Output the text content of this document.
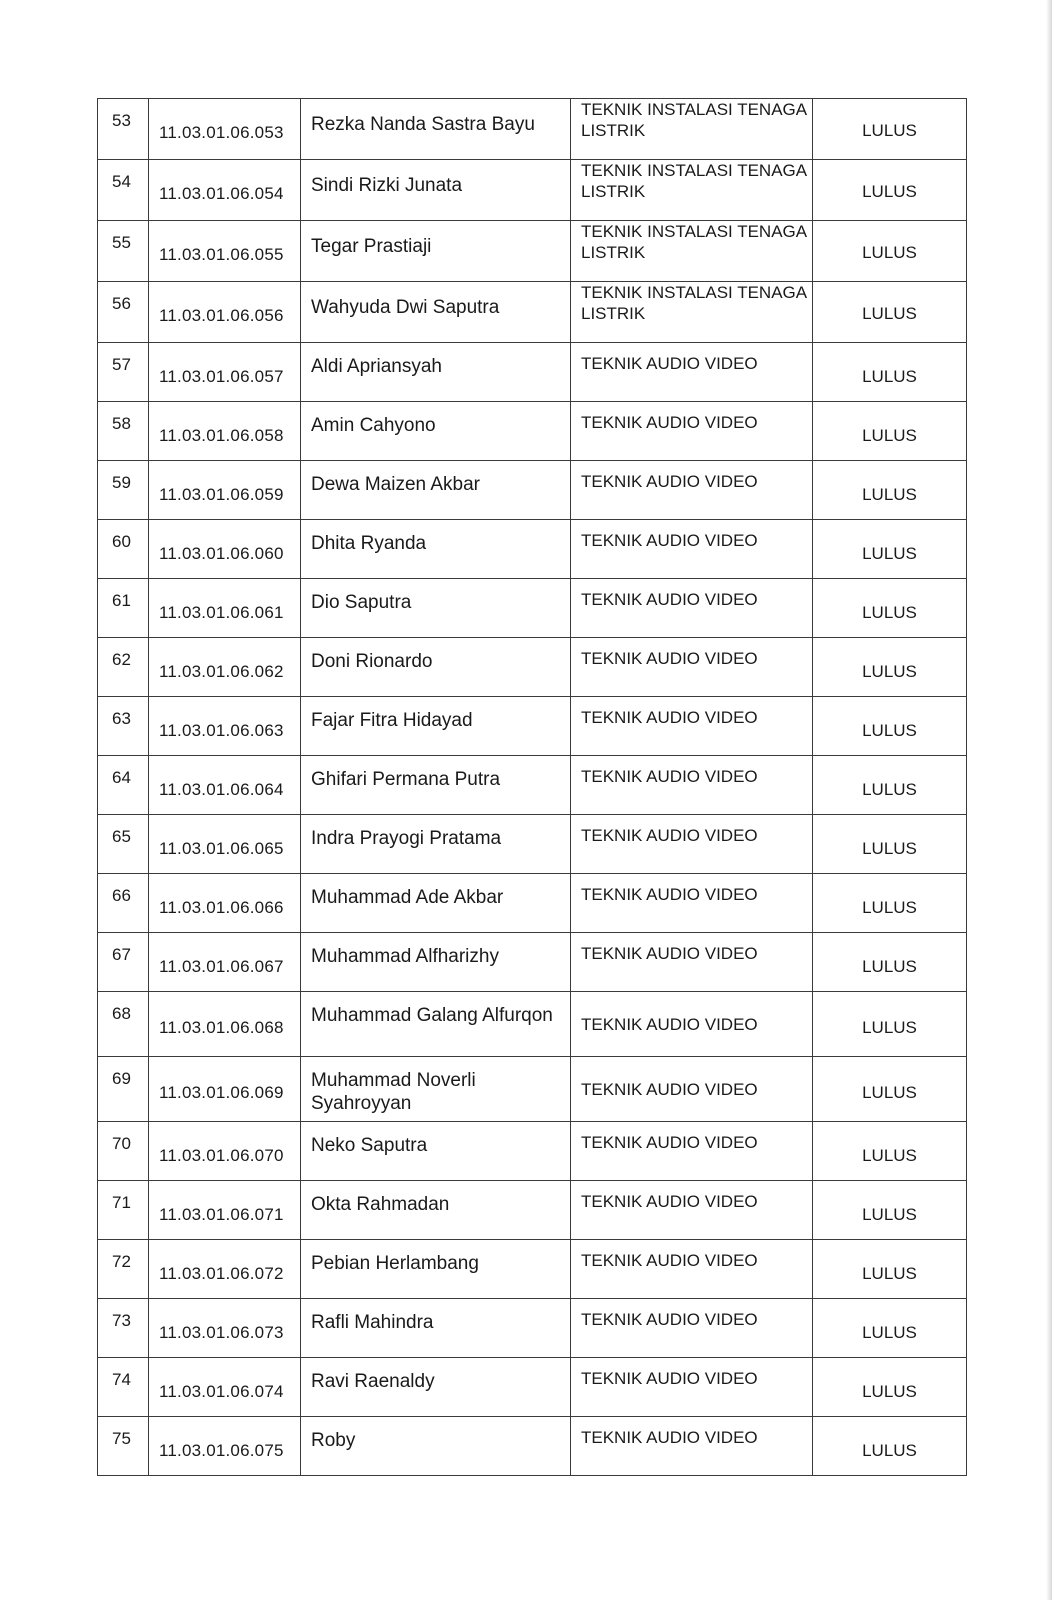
53	11.03.01.06.053	Rezka Nanda Sastra Bayu	TEKNIK INSTALASI TENAGA LISTRIK	LULUS

54	11.03.01.06.054	Sindi Rizki Junata	TEKNIK INSTALASI TENAGA LISTRIK	LULUS

55	11.03.01.06.055	Tegar Prastiaji	TEKNIK INSTALASI TENAGA LISTRIK	LULUS

56	11.03.01.06.056	Wahyuda Dwi Saputra	TEKNIK INSTALASI TENAGA LISTRIK	LULUS

57	11.03.01.06.057	Aldi Apriansyah	TEKNIK AUDIO VIDEO	LULUS

58	11.03.01.06.058	Amin Cahyono	TEKNIK AUDIO VIDEO	LULUS

59	11.03.01.06.059	Dewa Maizen Akbar	TEKNIK AUDIO VIDEO	LULUS

60	11.03.01.06.060	Dhita Ryanda	TEKNIK AUDIO VIDEO	LULUS

61	11.03.01.06.061	Dio Saputra	TEKNIK AUDIO VIDEO	LULUS

62	11.03.01.06.062	Doni Rionardo	TEKNIK AUDIO VIDEO	LULUS

63	11.03.01.06.063	Fajar Fitra Hidayad	TEKNIK AUDIO VIDEO	LULUS

64	11.03.01.06.064	Ghifari Permana Putra	TEKNIK AUDIO VIDEO	LULUS

65	11.03.01.06.065	Indra Prayogi Pratama	TEKNIK AUDIO VIDEO	LULUS

66	11.03.01.06.066	Muhammad Ade Akbar	TEKNIK AUDIO VIDEO	LULUS

67	11.03.01.06.067	Muhammad Alfharizhy	TEKNIK AUDIO VIDEO	LULUS

68	11.03.01.06.068	Muhammad Galang Alfurqon	TEKNIK AUDIO VIDEO	LULUS

69	11.03.01.06.069	Muhammad Noverli Syahroyyan	TEKNIK AUDIO VIDEO	LULUS

70	11.03.01.06.070	Neko Saputra	TEKNIK AUDIO VIDEO	LULUS

71	11.03.01.06.071	Okta Rahmadan	TEKNIK AUDIO VIDEO	LULUS

72	11.03.01.06.072	Pebian Herlambang	TEKNIK AUDIO VIDEO	LULUS

73	11.03.01.06.073	Rafli Mahindra	TEKNIK AUDIO VIDEO	LULUS

74	11.03.01.06.074	Ravi Raenaldy	TEKNIK AUDIO VIDEO	LULUS

75	11.03.01.06.075	Roby	TEKNIK AUDIO VIDEO	LULUS
